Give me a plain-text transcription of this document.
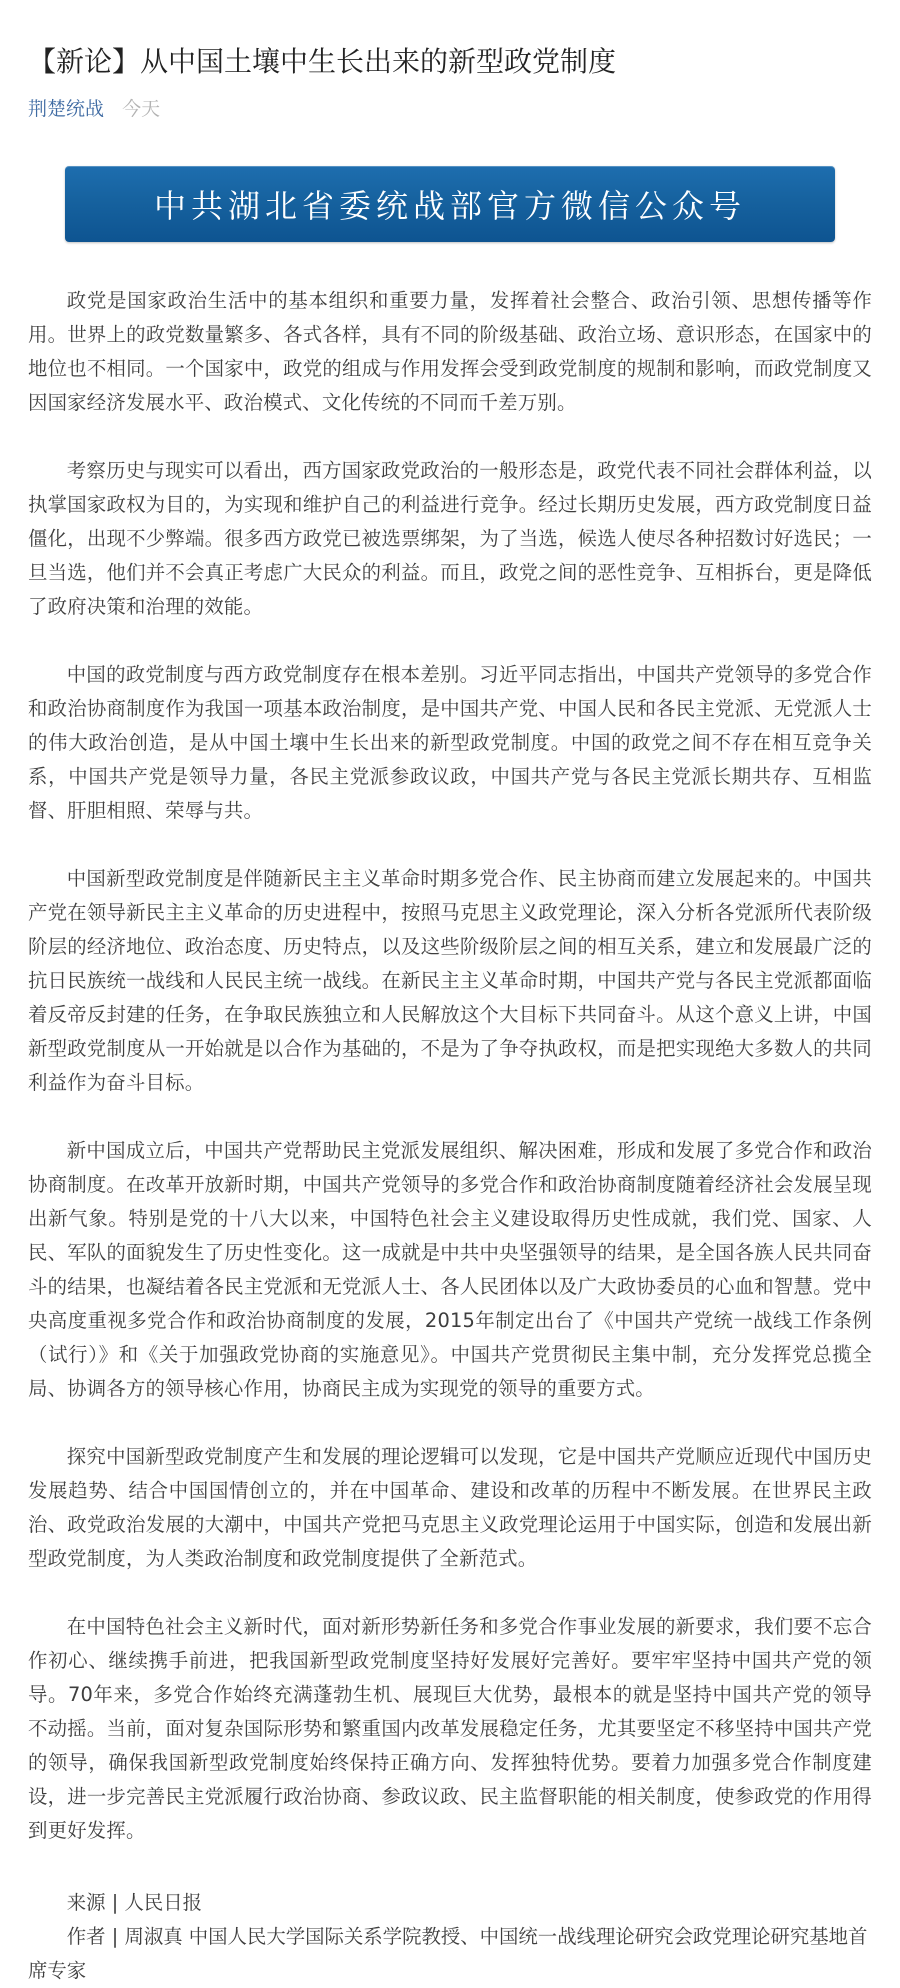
【新论】从中国土壤中生长出来的新型政党制度
荆楚统战 今天
中共湖北省委统战部官方微信公众号

政党是国家政治生活中的基本组织和重要力量，发挥着社会整合、政治引领、思想传播等作用。世界上的政党数量繁多、各式各样，具有不同的阶级基础、政治立场、意识形态，在国家中的地位也不相同。一个国家中，政党的组成与作用发挥会受到政党制度的规制和影响，而政党制度又因国家经济发展水平、政治模式、文化传统的不同而千差万别。

考察历史与现实可以看出，西方国家政党政治的一般形态是，政党代表不同社会群体利益，以执掌国家政权为目的，为实现和维护自己的利益进行竞争。经过长期历史发展，西方政党制度日益僵化，出现不少弊端。很多西方政党已被选票绑架，为了当选，候选人使尽各种招数讨好选民；一旦当选，他们并不会真正考虑广大民众的利益。而且，政党之间的恶性竞争、互相拆台，更是降低了政府决策和治理的效能。

中国的政党制度与西方政党制度存在根本差别。习近平同志指出，中国共产党领导的多党合作和政治协商制度作为我国一项基本政治制度，是中国共产党、中国人民和各民主党派、无党派人士的伟大政治创造，是从中国土壤中生长出来的新型政党制度。中国的政党之间不存在相互竞争关系，中国共产党是领导力量，各民主党派参政议政，中国共产党与各民主党派长期共存、互相监督、肝胆相照、荣辱与共。

中国新型政党制度是伴随新民主主义革命时期多党合作、民主协商而建立发展起来的。中国共产党在领导新民主主义革命的历史进程中，按照马克思主义政党理论，深入分析各党派所代表阶级阶层的经济地位、政治态度、历史特点，以及这些阶级阶层之间的相互关系，建立和发展最广泛的抗日民族统一战线和人民民主统一战线。在新民主主义革命时期，中国共产党与各民主党派都面临着反帝反封建的任务，在争取民族独立和人民解放这个大目标下共同奋斗。从这个意义上讲，中国新型政党制度从一开始就是以合作为基础的，不是为了争夺执政权，而是把实现绝大多数人的共同利益作为奋斗目标。

新中国成立后，中国共产党帮助民主党派发展组织、解决困难，形成和发展了多党合作和政治协商制度。在改革开放新时期，中国共产党领导的多党合作和政治协商制度随着经济社会发展呈现出新气象。特别是党的十八大以来，中国特色社会主义建设取得历史性成就，我们党、国家、人民、军队的面貌发生了历史性变化。这一成就是中共中央坚强领导的结果，是全国各族人民共同奋斗的结果，也凝结着各民主党派和无党派人士、各人民团体以及广大政协委员的心血和智慧。党中央高度重视多党合作和政治协商制度的发展，2015年制定出台了《中国共产党统一战线工作条例（试行）》和《关于加强政党协商的实施意见》。中国共产党贯彻民主集中制，充分发挥党总揽全局、协调各方的领导核心作用，协商民主成为实现党的领导的重要方式。

探究中国新型政党制度产生和发展的理论逻辑可以发现，它是中国共产党顺应近现代中国历史发展趋势、结合中国国情创立的，并在中国革命、建设和改革的历程中不断发展。在世界民主政治、政党政治发展的大潮中，中国共产党把马克思主义政党理论运用于中国实际，创造和发展出新型政党制度，为人类政治制度和政党制度提供了全新范式。

在中国特色社会主义新时代，面对新形势新任务和多党合作事业发展的新要求，我们要不忘合作初心、继续携手前进，把我国新型政党制度坚持好发展好完善好。要牢牢坚持中国共产党的领导。70年来，多党合作始终充满蓬勃生机、展现巨大优势，最根本的就是坚持中国共产党的领导不动摇。当前，面对复杂国际形势和繁重国内改革发展稳定任务，尤其要坚定不移坚持中国共产党的领导，确保我国新型政党制度始终保持正确方向、发挥独特优势。要着力加强多党合作制度建设，进一步完善民主党派履行政治协商、参政议政、民主监督职能的相关制度，使参政党的作用得到更好发挥。

来源 | 人民日报

作者 | 周淑真 中国人民大学国际关系学院教授、中国统一战线理论研究会政党理论研究基地首席专家
